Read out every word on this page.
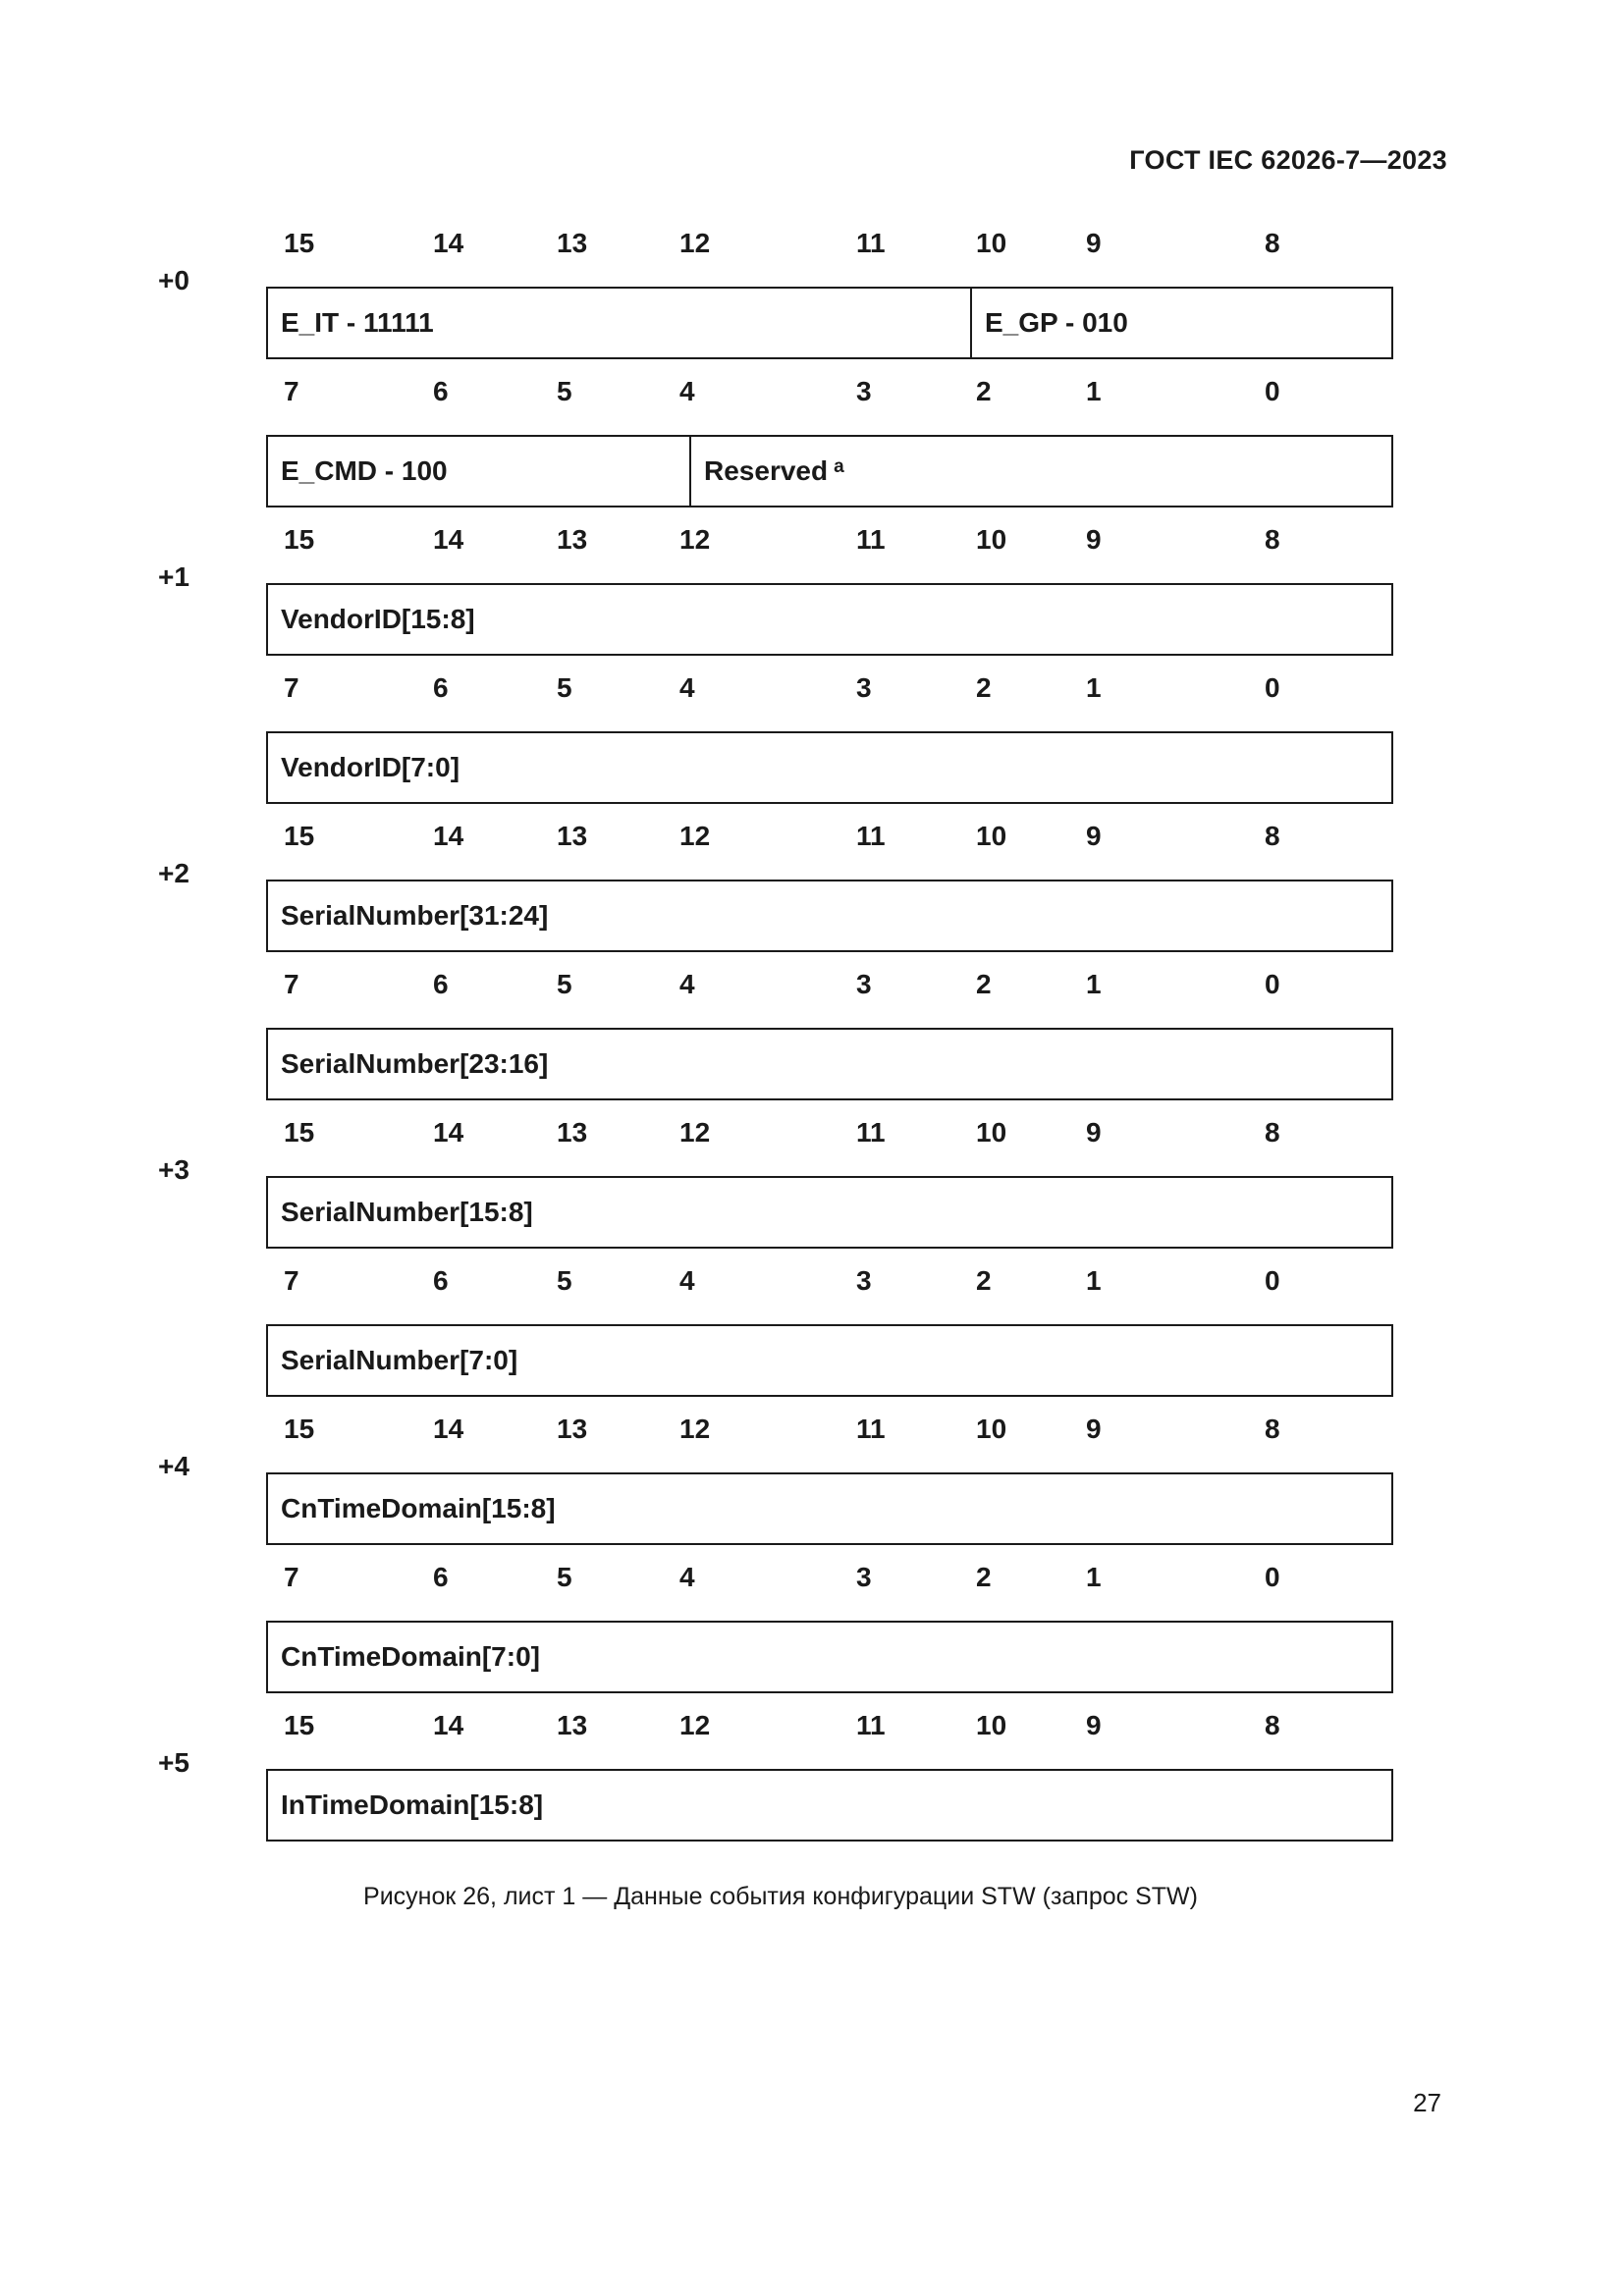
ГОСТ IEC 62026-7—2023
+0
15	14	13	12	11	10	9	8
E_IT - 11111	E_GP - 010
7	6	5	4	3	2	1	0
E_CMD - 100	Reserved $^a$
+1
15	14	13	12	11	10	9	8
VendorID[15:8]
7	6	5	4	3	2	1	0
VendorID[7:0]
+2
15	14	13	12	11	10	9	8
SerialNumber[31:24]
7	6	5	4	3	2	1	0
SerialNumber[23:16]
+3
15	14	13	12	11	10	9	8
SerialNumber[15:8]
7	6	5	4	3	2	1	0
SerialNumber[7:0]
+4
15	14	13	12	11	10	9	8
CnTimeDomain[15:8]
7	6	5	4	3	2	1	0
CnTimeDomain[7:0]
+5
15	14	13	12	11	10	9	8
InTimeDomain[15:8]
Рисунок 26, лист 1 — Данные события конфигурации STW (запрос STW)
27
